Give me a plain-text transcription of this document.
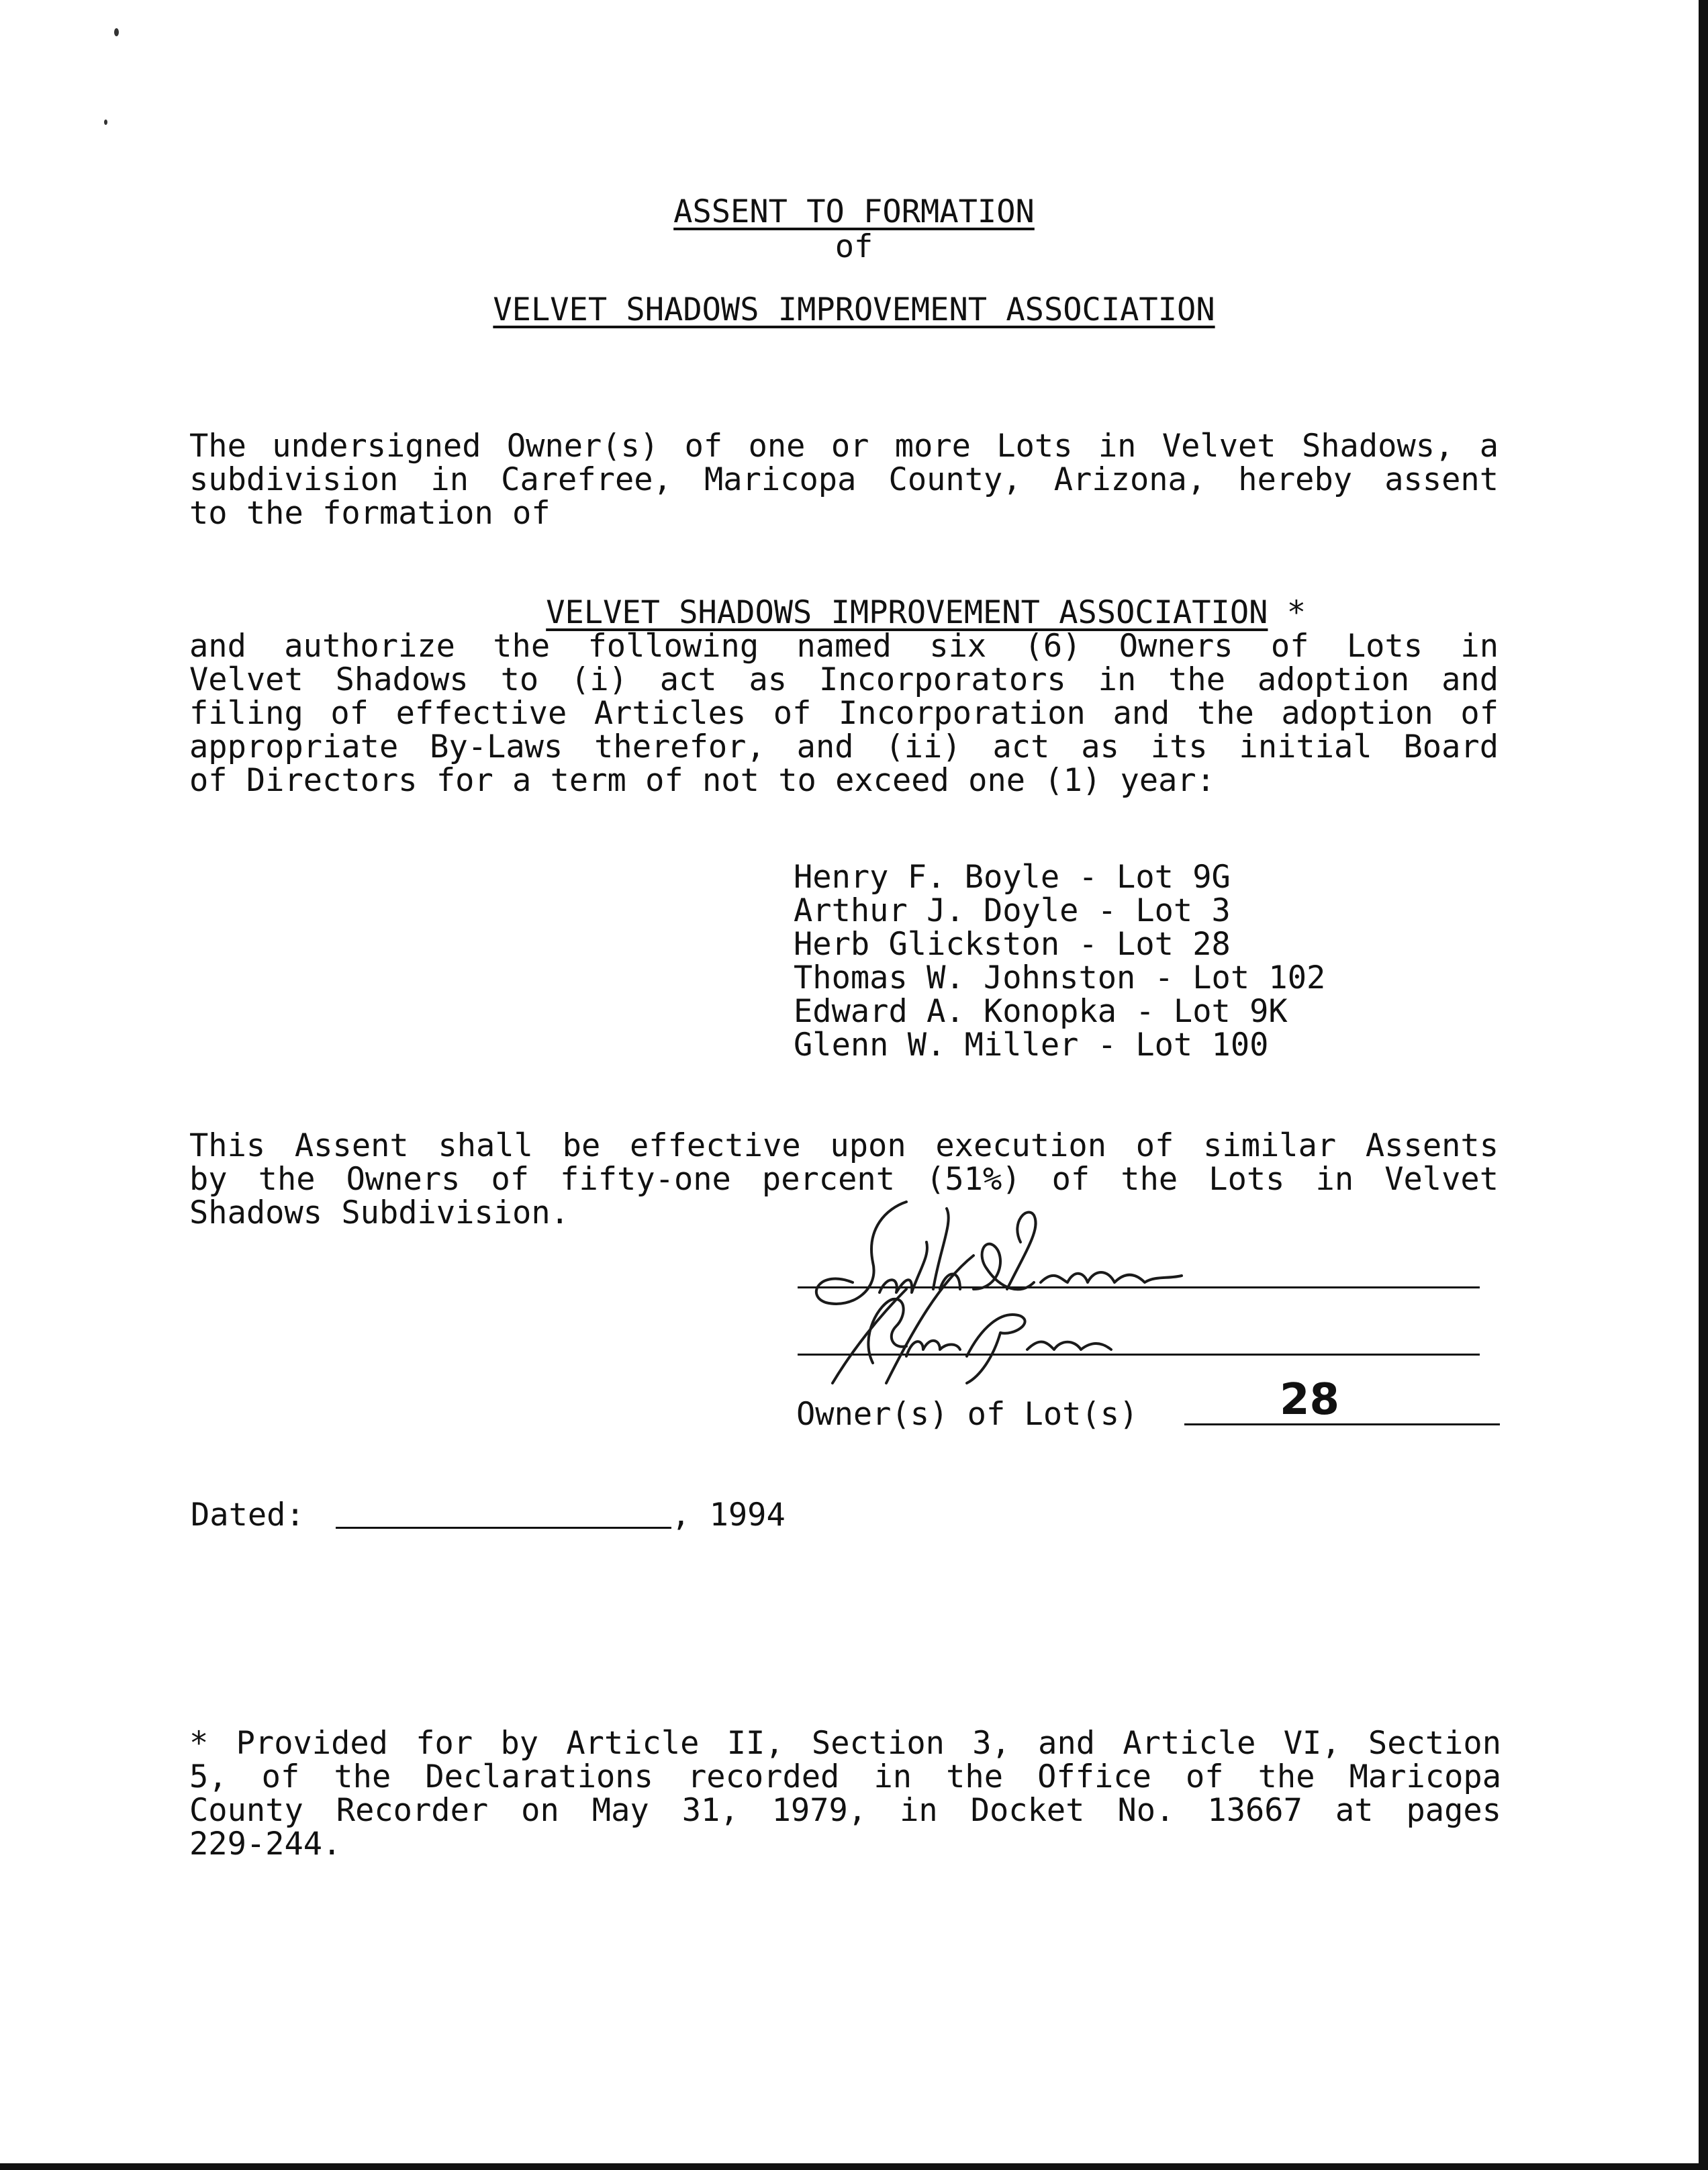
ASSENT TO FORMATION
of
VELVET SHADOWS IMPROVEMENT ASSOCIATION
The undersigned Owner(s) of one or more Lots in Velvet Shadows, a
subdivision in Carefree, Maricopa County, Arizona, hereby assent
to the formation of

VELVET SHADOWS IMPROVEMENT ASSOCIATION *

and authorize the following named six (6) Owners of Lots in
Velvet Shadows to (i) act as Incorporators in the adoption and
filing of effective Articles of Incorporation and the adoption of
appropriate By-Laws therefor, and (ii) act as its initial Board
of Directors for a term of not to exceed one (1) year:
Henry F. Boyle - Lot 9G
Arthur J. Doyle - Lot 3
Herb Glickston - Lot 28
Thomas W. Johnston - Lot 102
Edward A. Konopka - Lot 9K
Glenn W. Miller - Lot 100
This Assent shall be effective upon execution of similar Assents
by the Owners of fifty-one percent (51%) of the Lots in Velvet
Shadows Subdivision.
Owner(s) of Lot(s)	28
Dated:	, 1994
* Provided for by Article II, Section 3, and Article VI, Section
5, of the Declarations recorded in the Office of the Maricopa
County Recorder on May 31, 1979, in Docket No. 13667 at pages
229-244.
